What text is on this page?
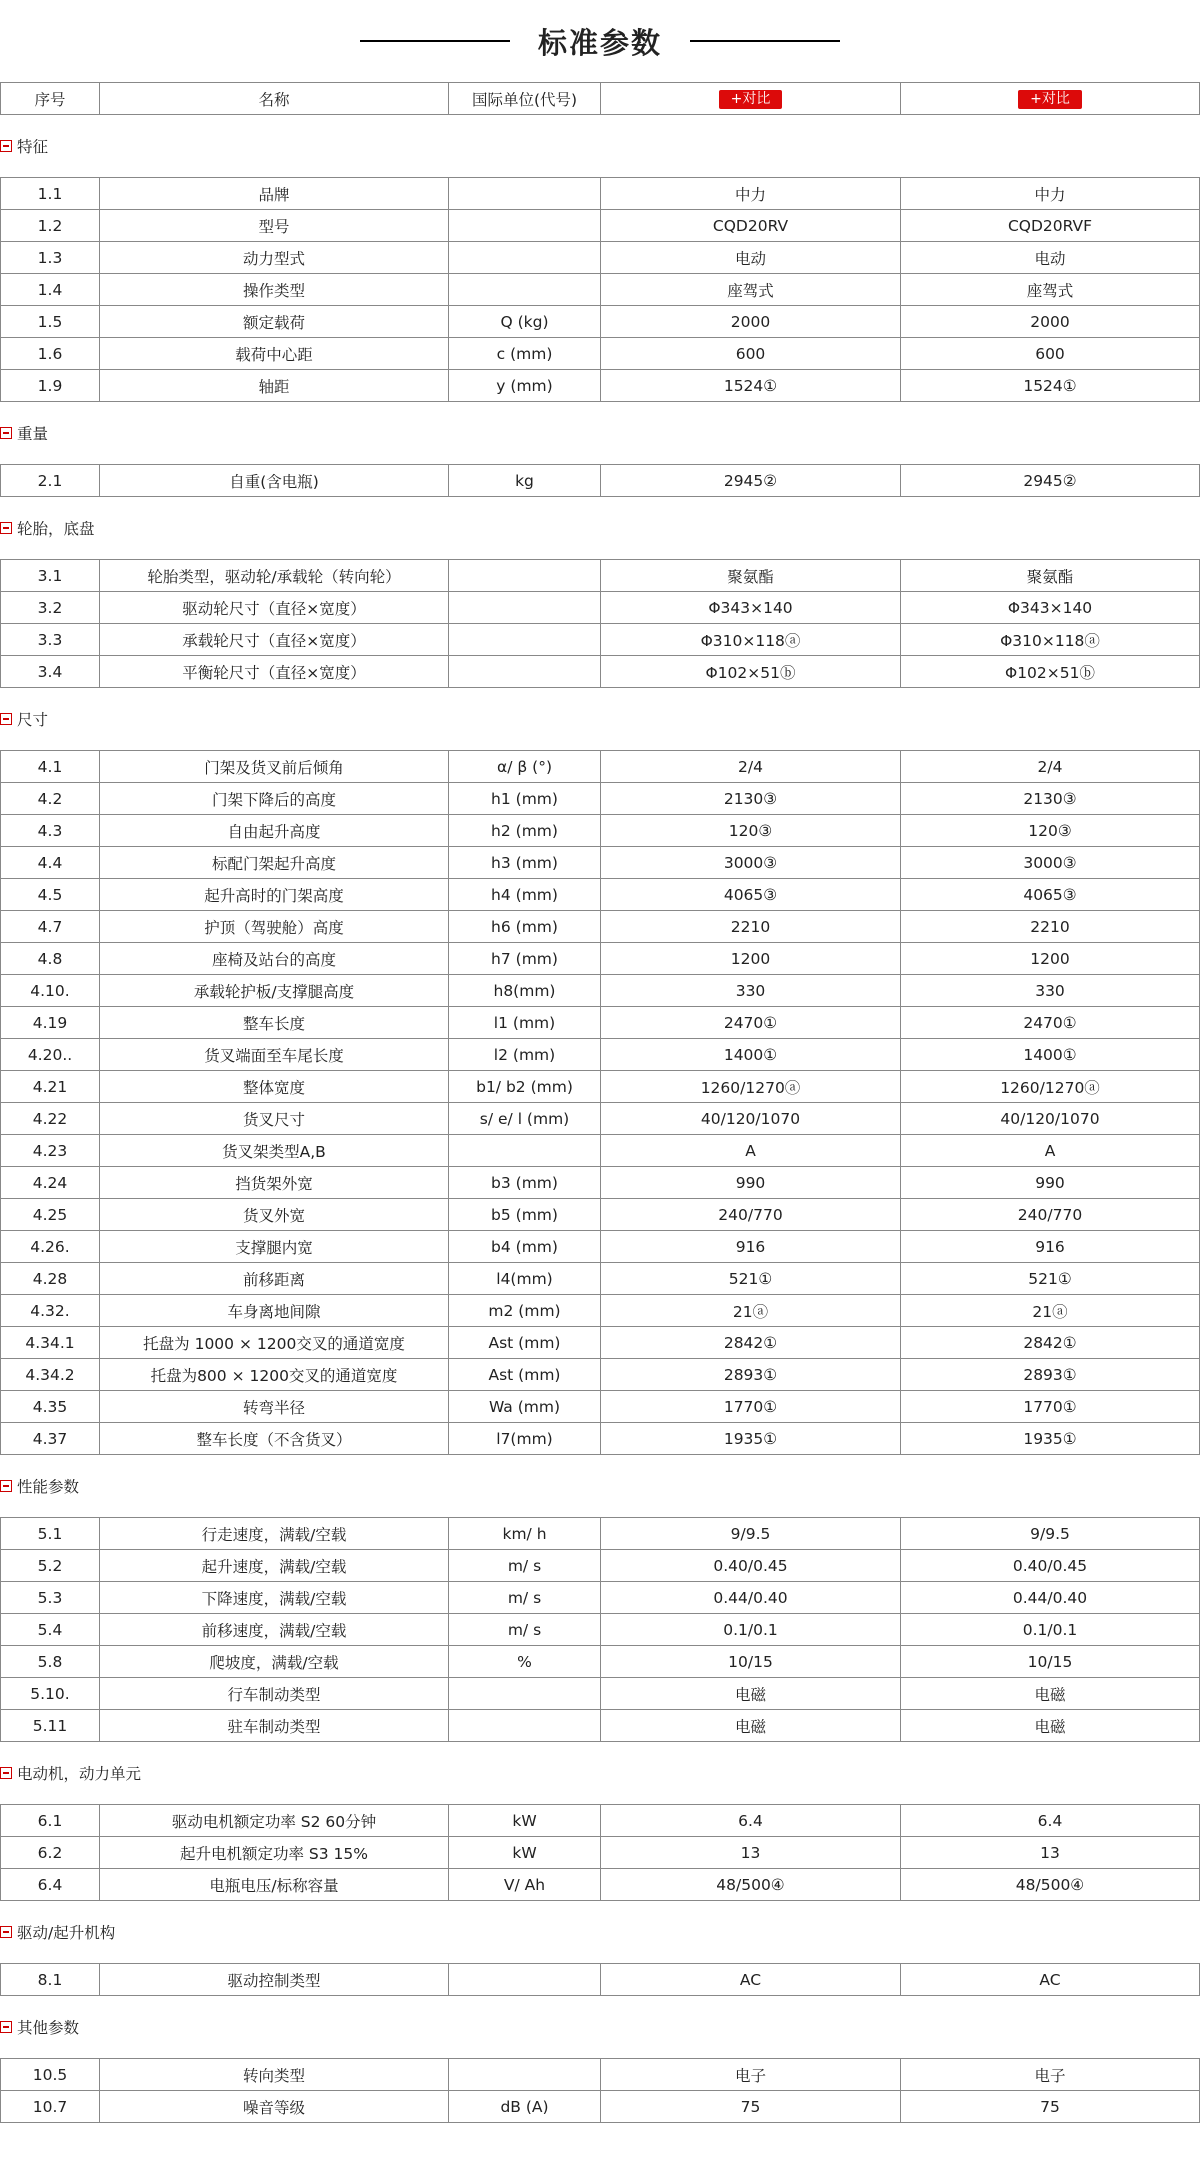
标准参数
序号	名称	国际单位(代号)	+对比	+对比
特征
1.1	品牌		中力	中力
1.2	型号		CQD20RV	CQD20RVF
1.3	动力型式		电动	电动
1.4	操作类型		座驾式	座驾式
1.5	额定载荷	Q (kg)	2000	2000
1.6	载荷中心距	c (mm)	600	600
1.9	轴距	y (mm)	1524①	1524①
重量
2.1	自重(含电瓶)	kg	2945②	2945②
轮胎，底盘
3.1	轮胎类型，驱动轮/承载轮（转向轮）		聚氨酯	聚氨酯
3.2	驱动轮尺寸（直径×宽度）		Φ343×140	Φ343×140
3.3	承载轮尺寸（直径×宽度）		Φ310×118ⓐ	Φ310×118ⓐ
3.4	平衡轮尺寸（直径×宽度）		Φ102×51ⓑ	Φ102×51ⓑ
尺寸
4.1	门架及货叉前后倾角	α/ β (°)	2/4	2/4
4.2	门架下降后的高度	h1 (mm)	2130③	2130③
4.3	自由起升高度	h2 (mm)	120③	120③
4.4	标配门架起升高度	h3 (mm)	3000③	3000③
4.5	起升高时的门架高度	h4 (mm)	4065③	4065③
4.7	护顶（驾驶舱）高度	h6 (mm)	2210	2210
4.8	座椅及站台的高度	h7 (mm)	1200	1200
4.10.	承载轮护板/支撑腿高度	h8(mm)	330	330
4.19	整车长度	l1 (mm)	2470①	2470①
4.20..	货叉端面至车尾长度	l2 (mm)	1400①	1400①
4.21	整体宽度	b1/ b2 (mm)	1260/1270ⓐ	1260/1270ⓐ
4.22	货叉尺寸	s/ e/ l (mm)	40/120/1070	40/120/1070
4.23	货叉架类型A,B		A	A
4.24	挡货架外宽	b3 (mm)	990	990
4.25	货叉外宽	b5 (mm)	240/770	240/770
4.26.	支撑腿内宽	b4 (mm)	916	916
4.28	前移距离	l4(mm)	521①	521①
4.32.	车身离地间隙	m2 (mm)	21ⓐ	21ⓐ
4.34.1	托盘为 1000 × 1200交叉的通道宽度	Ast (mm)	2842①	2842①
4.34.2	托盘为800 × 1200交叉的通道宽度	Ast (mm)	2893①	2893①
4.35	转弯半径	Wa (mm)	1770①	1770①
4.37	整车长度（不含货叉）	l7(mm)	1935①	1935①
性能参数
5.1	行走速度，满载/空载	km/ h	9/9.5	9/9.5
5.2	起升速度，满载/空载	m/ s	0.40/0.45	0.40/0.45
5.3	下降速度，满载/空载	m/ s	0.44/0.40	0.44/0.40
5.4	前移速度，满载/空载	m/ s	0.1/0.1	0.1/0.1
5.8	爬坡度，满载/空载	%	10/15	10/15
5.10.	行车制动类型		电磁	电磁
5.11	驻车制动类型		电磁	电磁
电动机，动力单元
6.1	驱动电机额定功率 S2 60分钟	kW	6.4	6.4
6.2	起升电机额定功率 S3 15%	kW	13	13
6.4	电瓶电压/标称容量	V/ Ah	48/500④	48/500④
驱动/起升机构
8.1	驱动控制类型		AC	AC
其他参数
10.5	转向类型		电子	电子
10.7	噪音等级	dB (A)	75	75
